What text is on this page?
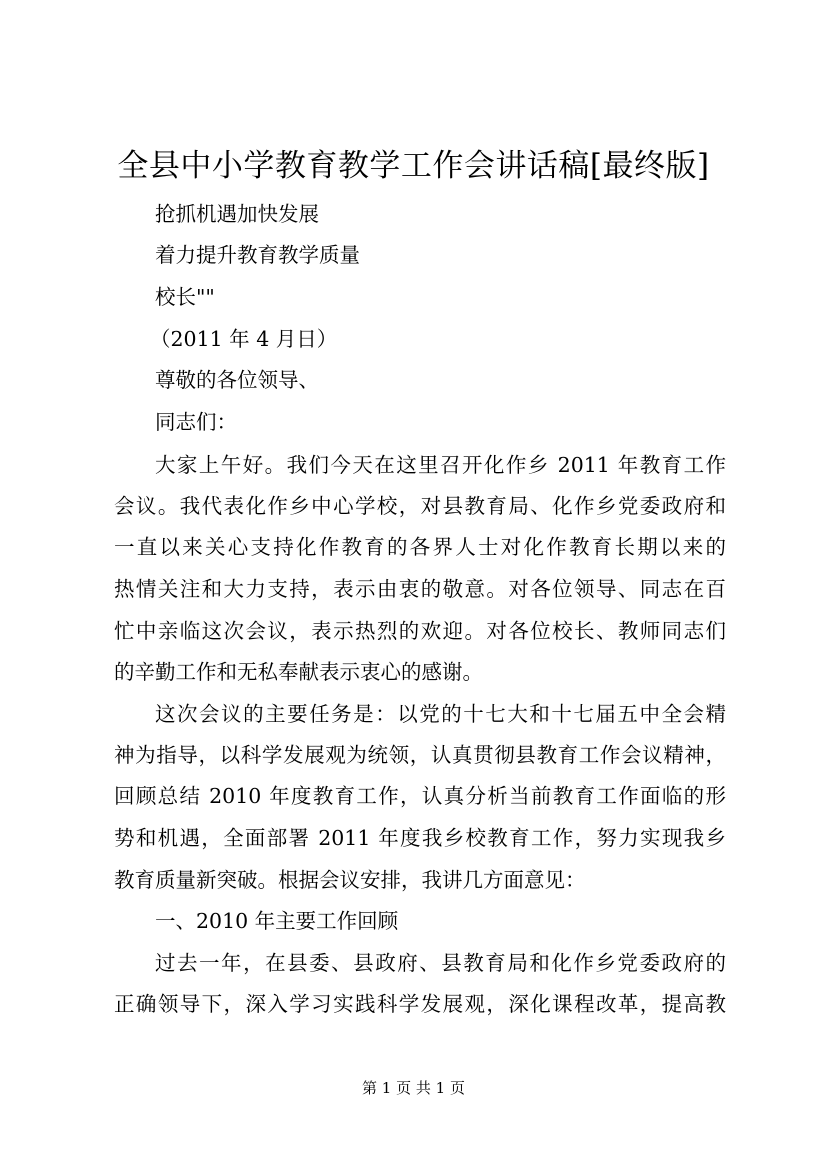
全县中小学教育教学工作会讲话稿[最终版]
抢抓机遇加快发展
着力提升教育教学质量
校长""
（2011 年 4 月日）
尊敬的各位领导、
同志们：
大家上午好。我们今天在这里召开化作乡 2011 年教育工作
会议。我代表化作乡中心学校，对县教育局、化作乡党委政府和
一直以来关心支持化作教育的各界人士对化作教育长期以来的
热情关注和大力支持，表示由衷的敬意。对各位领导、同志在百
忙中亲临这次会议，表示热烈的欢迎。对各位校长、教师同志们
的辛勤工作和无私奉献表示衷心的感谢。
这次会议的主要任务是：以党的十七大和十七届五中全会精
神为指导，以科学发展观为统领，认真贯彻县教育工作会议精神，
回顾总结 2010 年度教育工作，认真分析当前教育工作面临的形
势和机遇，全面部署 2011 年度我乡校教育工作，努力实现我乡
教育质量新突破。根据会议安排，我讲几方面意见：
一、2010 年主要工作回顾
过去一年，在县委、县政府、县教育局和化作乡党委政府的
正确领导下，深入学习实践科学发展观，深化课程改革，提高教
第 1 页 共 1 页
